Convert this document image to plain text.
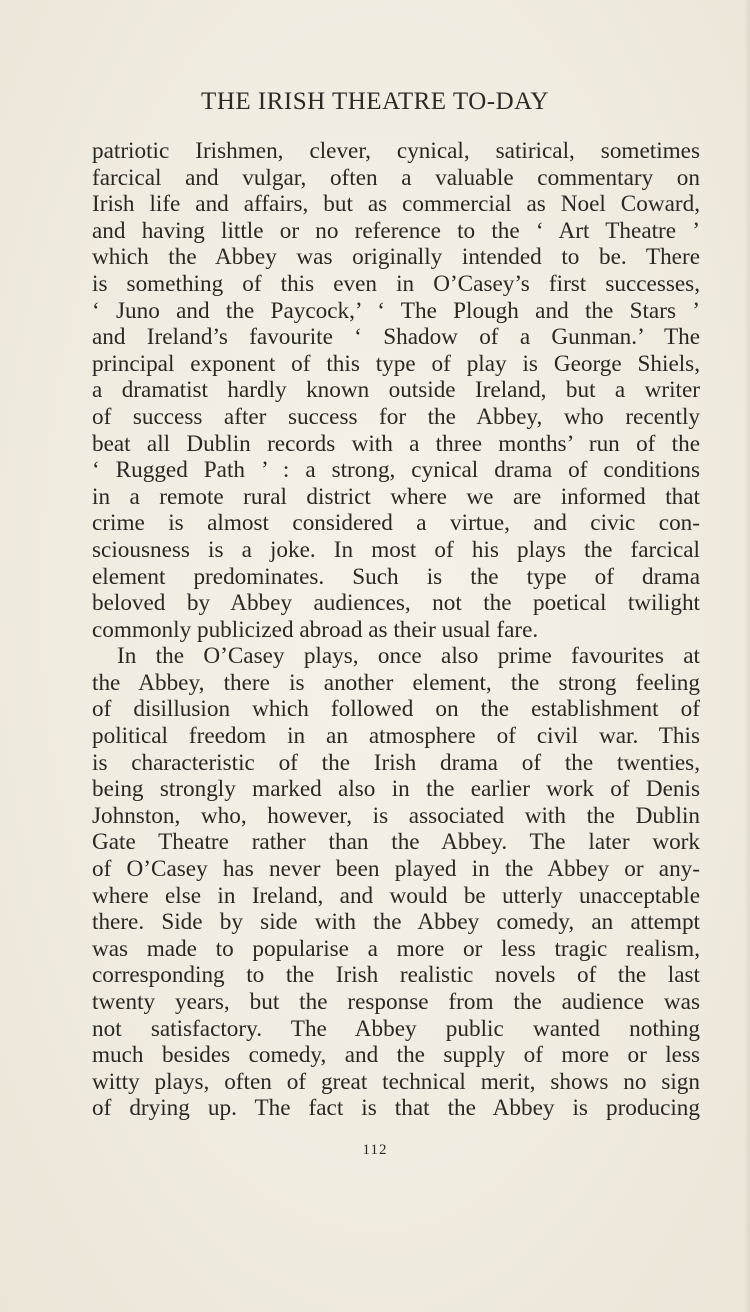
THE IRISH THEATRE TO-DAY
patriotic Irishmen, clever, cynical, satirical, sometimes
farcical and vulgar, often a valuable commentary on
Irish life and affairs, but as commercial as Noel Coward,
and having little or no reference to the ‘ Art Theatre ’
which the Abbey was originally intended to be. There
is something of this even in O’Casey’s first successes,
‘ Juno and the Paycock,’ ‘ The Plough and the Stars ’
and Ireland’s favourite ‘ Shadow of a Gunman.’ The
principal exponent of this type of play is George Shiels,
a dramatist hardly known outside Ireland, but a writer
of success after success for the Abbey, who recently
beat all Dublin records with a three months’ run of the
‘ Rugged Path ’ : a strong, cynical drama of conditions
in a remote rural district where we are informed that
crime is almost considered a virtue, and civic con-
sciousness is a joke. In most of his plays the farcical
element predominates. Such is the type of drama
beloved by Abbey audiences, not the poetical twilight
commonly publicized abroad as their usual fare.
In the O’Casey plays, once also prime favourites at
the Abbey, there is another element, the strong feeling
of disillusion which followed on the establishment of
political freedom in an atmosphere of civil war. This
is characteristic of the Irish drama of the twenties,
being strongly marked also in the earlier work of Denis
Johnston, who, however, is associated with the Dublin
Gate Theatre rather than the Abbey. The later work
of O’Casey has never been played in the Abbey or any-
where else in Ireland, and would be utterly unacceptable
there. Side by side with the Abbey comedy, an attempt
was made to popularise a more or less tragic realism,
corresponding to the Irish realistic novels of the last
twenty years, but the response from the audience was
not satisfactory. The Abbey public wanted nothing
much besides comedy, and the supply of more or less
witty plays, often of great technical merit, shows no sign
of drying up. The fact is that the Abbey is producing
112
